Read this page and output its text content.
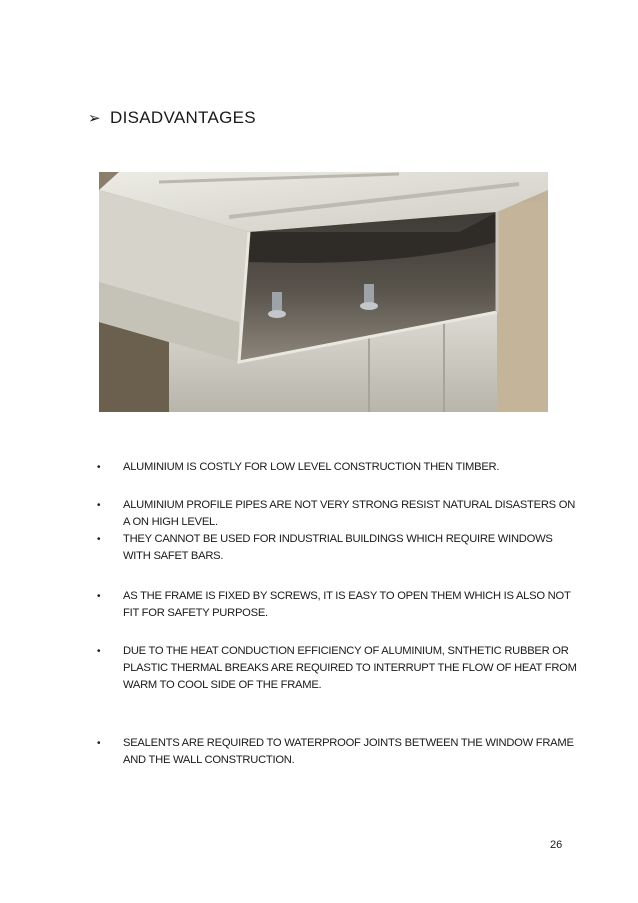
➢ DISADVANTAGES
• ALUMINIUM IS COSTLY FOR LOW LEVEL CONSTRUCTION THEN TIMBER.
• ALUMINIUM PROFILE PIPES ARE NOT VERY STRONG RESIST NATURAL DISASTERS ON A ON HIGH LEVEL.
• THEY CANNOT BE USED FOR INDUSTRIAL BUILDINGS WHICH REQUIRE WINDOWS WITH SAFET BARS.
• AS THE FRAME IS FIXED BY SCREWS, IT IS EASY TO OPEN THEM WHICH IS ALSO NOT FIT FOR SAFETY PURPOSE.
• DUE TO THE HEAT CONDUCTION EFFICIENCY OF ALUMINIUM, SNTHETIC RUBBER OR PLASTIC THERMAL BREAKS ARE REQUIRED TO INTERRUPT THE FLOW OF HEAT FROM WARM TO COOL SIDE OF THE FRAME.
• SEALENTS ARE REQUIRED TO WATERPROOF JOINTS BETWEEN THE WINDOW FRAME AND THE WALL CONSTRUCTION.
26
